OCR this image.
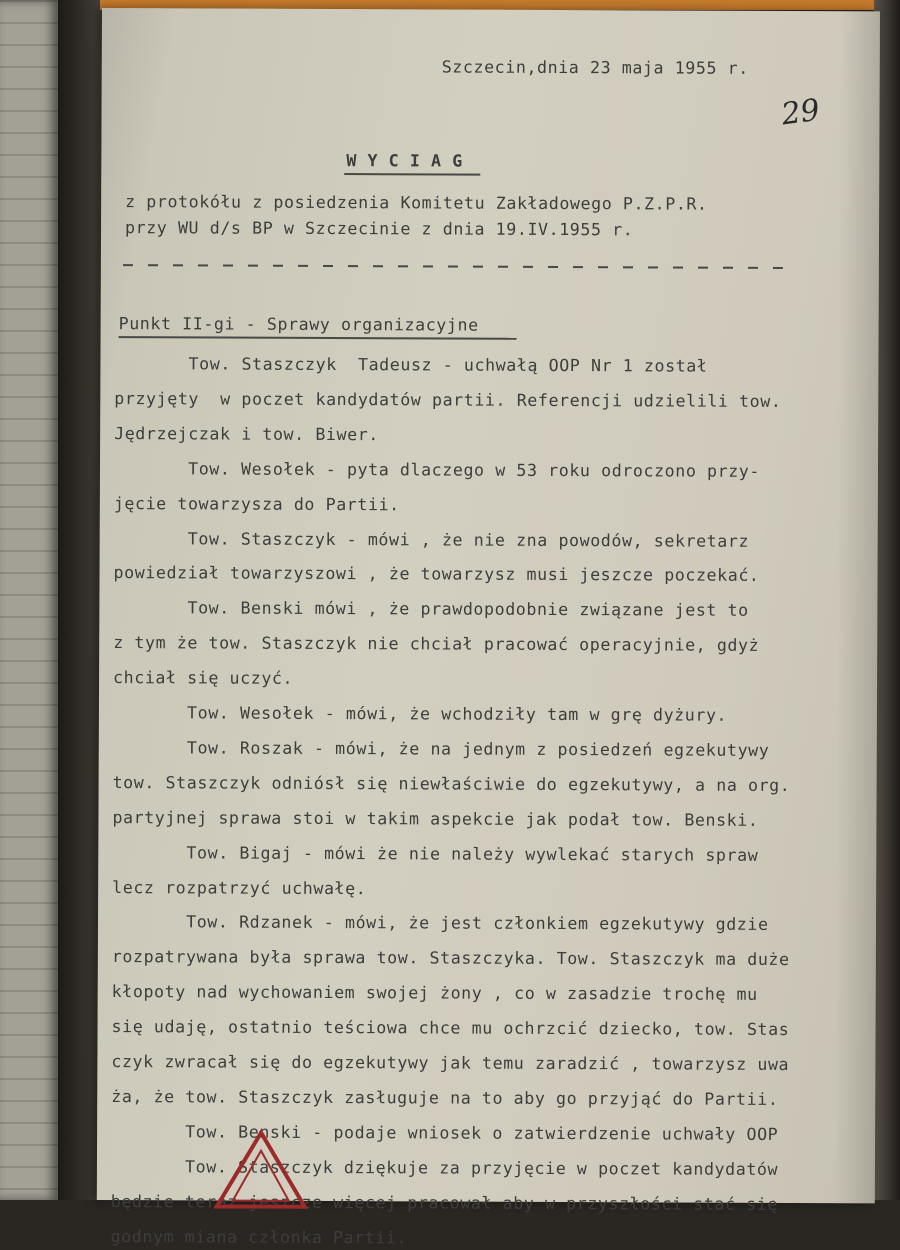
Szczecin,dnia 23 maja 1955 r.
29
W Y C I A G
z protokółu z posiedzenia Komitetu Zakładowego P.Z.P.R.
przy WU d/s BP w Szczecinie z dnia 19.IV.1955 r.
Punkt II-gi - Sprawy organizacyjne
Tow. Staszczyk  Tadeusz - uchwałą OOP Nr 1 został
przyjęty  w poczet kandydatów partii. Referencji udzielili tow.
Jędrzejczak i tow. Biwer.
Tow. Wesołek - pyta dlaczego w 53 roku odroczono przy-
jęcie towarzysza do Partii.
Tow. Staszczyk - mówi , że nie zna powodów, sekretarz
powiedział towarzyszowi , że towarzysz musi jeszcze poczekać.
Tow. Benski mówi , że prawdopodobnie związane jest to
z tym że tow. Staszczyk nie chciał pracować operacyjnie, gdyż
chciał się uczyć.
Tow. Wesołek - mówi, że wchodziły tam w grę dyżury.
Tow. Roszak - mówi, że na jednym z posiedzeń egzekutywy
tow. Staszczyk odniósł się niewłaściwie do egzekutywy, a na org.
partyjnej sprawa stoi w takim aspekcie jak podał tow. Benski.
Tow. Bigaj - mówi że nie należy wywlekać starych spraw
lecz rozpatrzyć uchwałę.
Tow. Rdzanek - mówi, że jest członkiem egzekutywy gdzie
rozpatrywana była sprawa tow. Staszczyka. Tow. Staszczyk ma duże
kłopoty nad wychowaniem swojej żony , co w zasadzie trochę mu
się udaję, ostatnio teściowa chce mu ochrzcić dziecko, tow. Stas
czyk zwracał się do egzekutywy jak temu zaradzić , towarzysz uwa
ża, że tow. Staszczyk zasługuje na to aby go przyjąć do Partii.
Tow. Benski - podaje wniosek o zatwierdzenie uchwały OOP
Tow. Staszczyk dziękuje za przyjęcie w poczet kandydatów
będzie teraz jeszcze więcej pracował aby w przyszłości stać się
godnym miana członka Partii.
